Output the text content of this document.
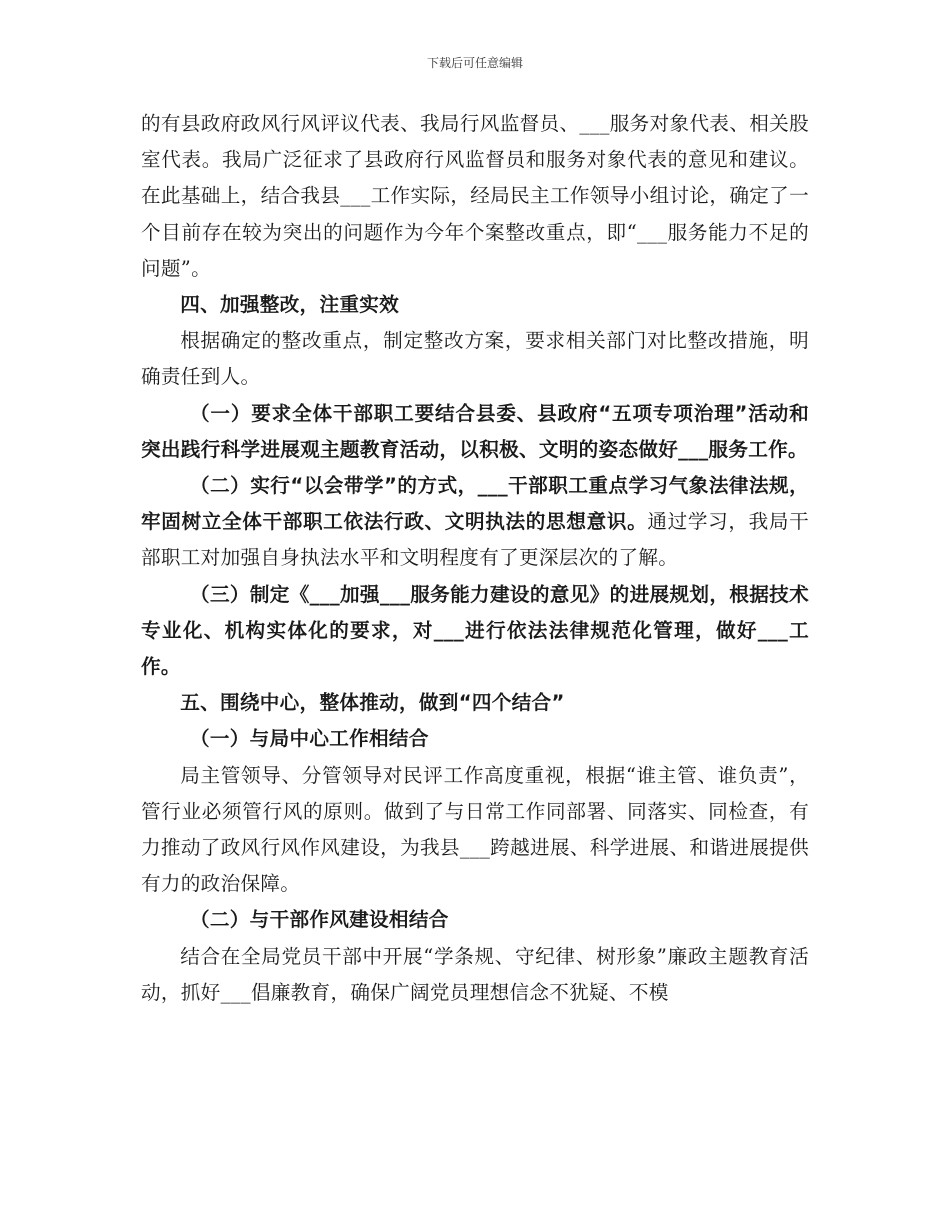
下载后可任意编辑

的有县政府政风行风评议代表、我局行风监督员、___服务对象代表、相关股室代表。我局广泛征求了县政府行风监督员和服务对象代表的意见和建议。在此基础上，结合我县___工作实际，经局民主工作领导小组讨论，确定了一个目前存在较为突出的问题作为今年个案整改重点，即“___服务能力不足的问题”。

四、加强整改，注重实效

根据确定的整改重点，制定整改方案，要求相关部门对比整改措施，明确责任到人。

（一）要求全体干部职工要结合县委、县政府“五项专项治理”活动和突出践行科学进展观主题教育活动，以积极、文明的姿态做好___服务工作。

（二）实行“以会带学”的方式，___干部职工重点学习气象法律法规，牢固树立全体干部职工依法行政、文明执法的思想意识。通过学习，我局干部职工对加强自身执法水平和文明程度有了更深层次的了解。

（三）制定《___加强___服务能力建设的意见》的进展规划，根据技术专业化、机构实体化的要求，对___进行依法法律规范化管理，做好___工作。

五、围绕中心，整体推动，做到“四个结合”

（一）与局中心工作相结合

局主管领导、分管领导对民评工作高度重视，根据“谁主管、谁负责”，管行业必须管行风的原则。做到了与日常工作同部署、同落实、同检查，有力推动了政风行风作风建设，为我县___跨越进展、科学进展、和谐进展提供有力的政治保障。

（二）与干部作风建设相结合

结合在全局党员干部中开展“学条规、守纪律、树形象”廉政主题教育活动，抓好___倡廉教育，确保广阔党员理想信念不犹疑、不模
